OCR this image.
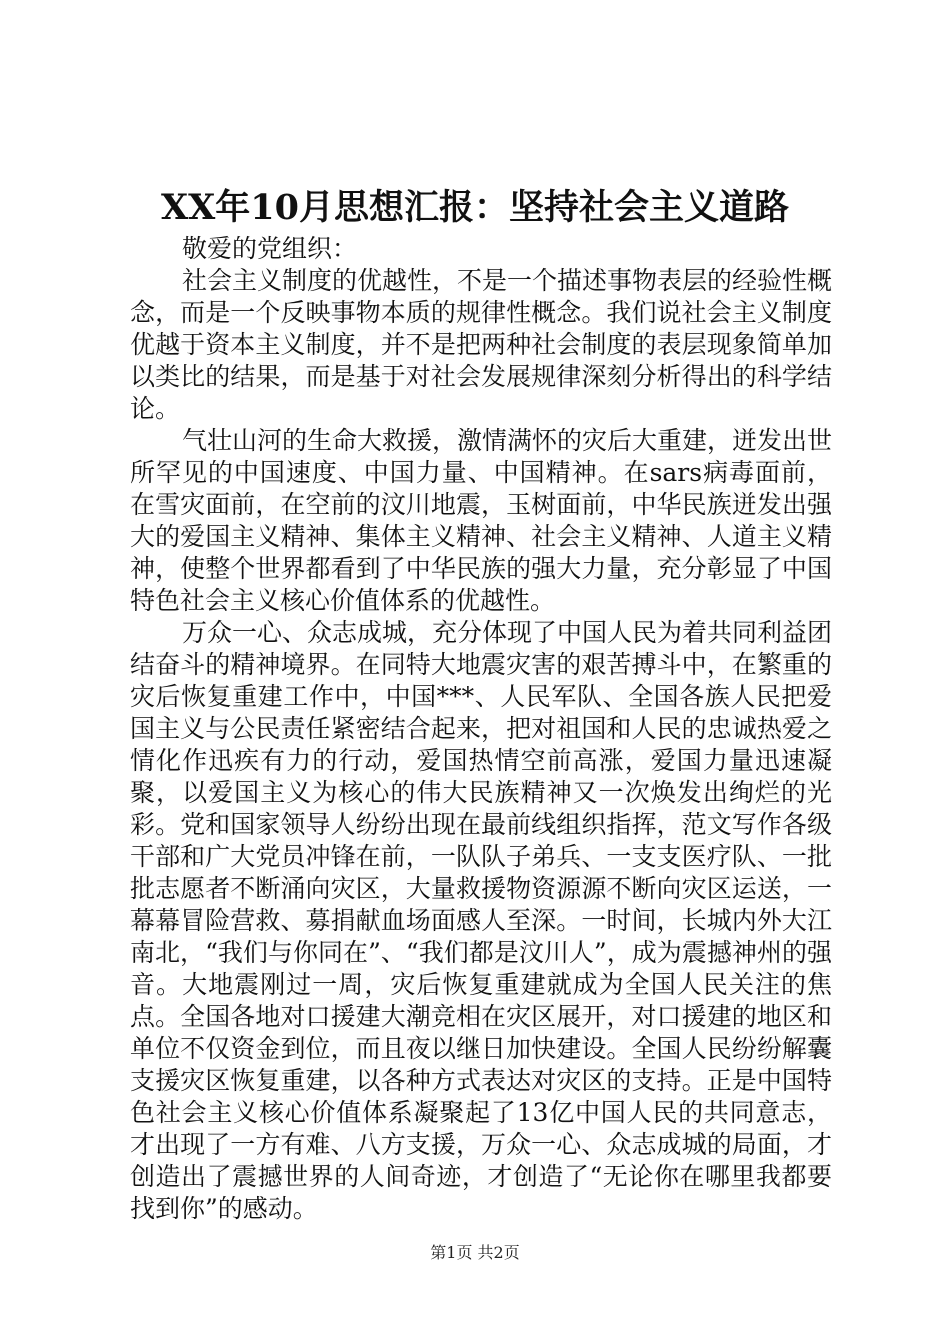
XX年10月思想汇报：坚持社会主义道路

敬爱的党组织：

社会主义制度的优越性，不是一个描述事物表层的经验性概念，而是一个反映事物本质的规律性概念。我们说社会主义制度优越于资本主义制度，并不是把两种社会制度的表层现象简单加以类比的结果，而是基于对社会发展规律深刻分析得出的科学结论。

气壮山河的生命大救援，激情满怀的灾后大重建，迸发出世所罕见的中国速度、中国力量、中国精神。在sars病毒面前，在雪灾面前，在空前的汶川地震，玉树面前，中华民族迸发出强大的爱国主义精神、集体主义精神、社会主义精神、人道主义精神，使整个世界都看到了中华民族的强大力量，充分彰显了中国特色社会主义核心价值体系的优越性。

万众一心、众志成城，充分体现了中国人民为着共同利益团结奋斗的精神境界。在同特大地震灾害的艰苦搏斗中，在繁重的灾后恢复重建工作中，中国***、人民军队、全国各族人民把爱国主义与公民责任紧密结合起来，把对祖国和人民的忠诚热爱之情化作迅疾有力的行动，爱国热情空前高涨，爱国力量迅速凝聚，以爱国主义为核心的伟大民族精神又一次焕发出绚烂的光彩。党和国家领导人纷纷出现在最前线组织指挥，范文写作各级干部和广大党员冲锋在前，一队队子弟兵、一支支医疗队、一批批志愿者不断涌向灾区，大量救援物资源源不断向灾区运送，一幕幕冒险营救、募捐献血场面感人至深。一时间，长城内外大江南北，“我们与你同在”、“我们都是汶川人”，成为震撼神州的强音。大地震刚过一周，灾后恢复重建就成为全国人民关注的焦点。全国各地对口援建大潮竞相在灾区展开，对口援建的地区和单位不仅资金到位，而且夜以继日加快建设。全国人民纷纷解囊支援灾区恢复重建，以各种方式表达对灾区的支持。正是中国特色社会主义核心价值体系凝聚起了13亿中国人民的共同意志，才出现了一方有难、八方支援，万众一心、众志成城的局面，才创造出了震撼世界的人间奇迹，才创造了“无论你在哪里我都要找到你”的感动。

第1页 共2页
